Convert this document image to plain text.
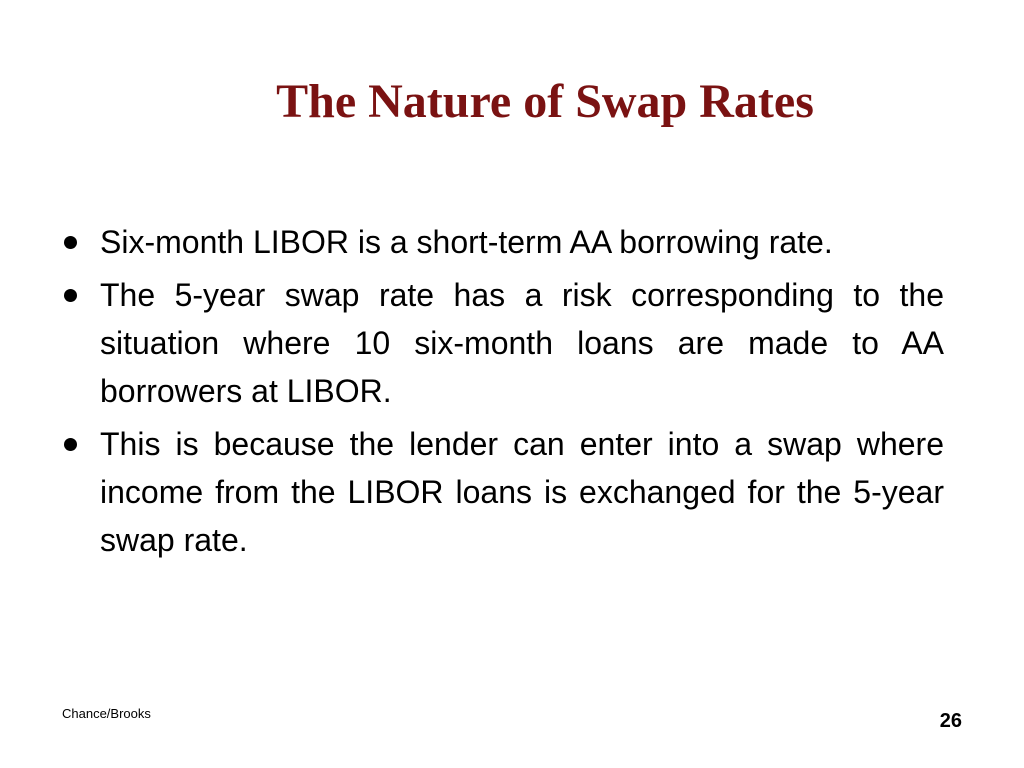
The Nature of Swap Rates
Six-month LIBOR is a short-term AA borrowing rate.
The 5-year swap rate has a risk corresponding to the situation where 10 six-month loans are made to AA borrowers at LIBOR.
This is because the lender can enter into a swap where income from the LIBOR loans is exchanged for the 5-year swap rate.
Chance/Brooks	26
